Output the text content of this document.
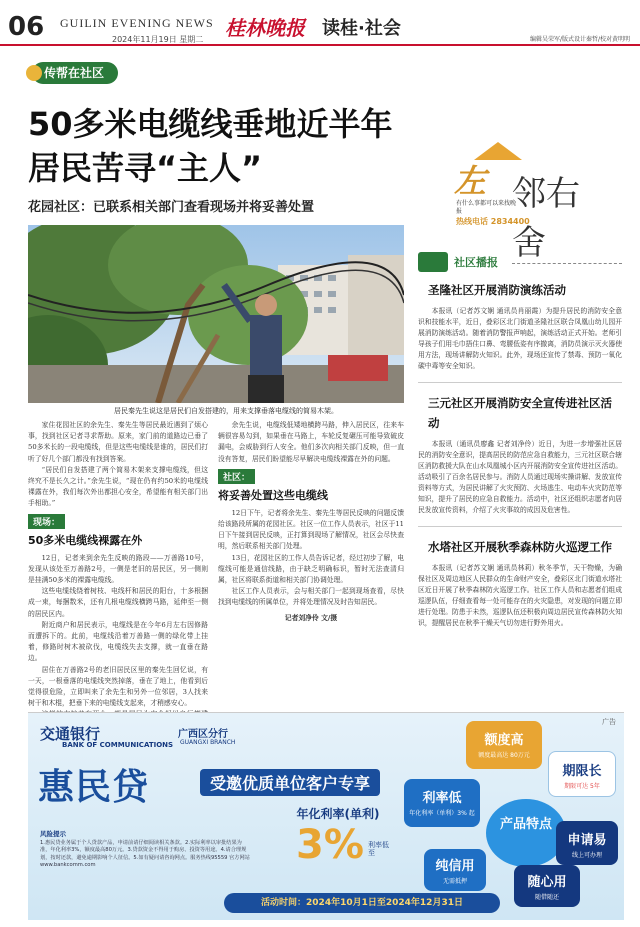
06 GUILIN EVENING NEWS
2024年11月19日 星期二 桂林晚报 读桂·社会
编辑吴荣军/版式设计秦哲/校对黄明明
传帮在社区
50多米电缆线垂地近半年
居民苦寻“主人”
花园社区：已联系相关部门查看现场并将妥善处置
左 邻右舍
有什么事都可以来找晚报
热线电话 2834400
居民秦先生说这是居民们自发搭建的，用来支撑垂落电缆线的简易木架。

家住花园社区的余先生、秦先生等居民最近遇到了烦心事，找到社区记者寻求帮助。原来，家门前的道路边已垂了50多米长的一段电缆线，但是这些电缆线是谁的，居民们打听了好几个部门都没有找到答案。

“居民们自发搭建了两个简易木架来支撑电缆线，但这终究不是长久之计。”余先生说，“现在仍有约50米的电缆线裸露在外，我们每次外出都担心安全，希望能有相关部门出手相助。”

现场：
50多米电缆线裸露在外

12日，记者来到余先生反映的路段——万善路10号，发现从该处至万善路2号，一侧是老旧的居民区，另一侧则是挂满50多米的裸露电缆线。

这些电缆线绕着树枝、电线杆和居民的阳台，十多根捆成一束，每捆数米，还有几根电缆线横跨马路，延伸至一侧的居民区内。

附近商户和居民表示，电缆线是在今年6月左右因修路而遭拆下的。此前，电缆线沿着万善路一侧的绿化带上挂着，修路时树木被砍伐，电缆线失去支撑，就一直垂在路边。

居住在万善路2号的老旧居民区里的秦先生回忆说，有一天，一根垂落的电缆线突然掉落，垂在了地上，他看到后觉得很危险，立即叫来了余先生和另外一位邻居，3人找来树干和木棍，把垂下来的电缆线支起来，才稍感安心。

余先生说，电缆线低矮地横跨马路，伸入居民区，往来车辆很容易勾到，如果垂在马路上，车轮反复碾压可能导致破皮漏电，会威胁到行人安全。他们多次向相关部门反映，但一直没有答复，居民们盼望能尽早解决电缆线裸露在外的问题。

社区：
将妥善处置这些电缆线

12日下午，记者将余先生、秦先生等居民反映的问题反馈给该路段所属的花园社区。社区一位工作人员表示，社区于11日下午接到居民反映，正打算到现场了解情况，社区会尽快查明，然后联系相关部门处理。

13日，花园社区的工作人员告诉记者，经过初步了解，电缆线可能是通信线路，由于缺乏明确标识，暂时无法查清归属，社区将联系街道和相关部门协调处理。

社区工作人员表示，会与相关部门一起到现场查看，尽快找到电缆线的所属单位，并将处理情况及时告知居民。

记者刘净伶 文/摄

社区播报
圣隆社区开展消防演练活动

本报讯（记者苏文娴 通讯员肖丽霞）为提升居民的消防安全意识和技能水平，近日，叠彩区北门街道圣隆社区联合凤凰山幼儿园开展消防演练活动。随着消防警报声响起，演练活动正式开始。老师引导孩子们用毛巾捂住口鼻、弯腰低姿有序撤离，消防员演示灭火器使用方法，现场讲解防火知识。此外，现场还宣传了禁毒、预防一氧化碳中毒等安全知识。

三元社区开展消防安全宣传进社区活动

本报讯（通讯员廖鑫 记者刘净伶）近日，为进一步增强社区居民的消防安全意识，提高居民的防范应急自救能力，三元社区联合辖区消防救援大队在山水凤凰城小区内开展消防安全宣传进社区活动。活动吸引了百余名居民参与。消防人员通过现场实操讲解、发放宣传资料等方式，为居民讲解了火灾预防、火场逃生、电动车火灾防范等知识，提升了居民的应急自救能力。活动中，社区还组织志愿者向居民发放宣传资料，介绍了火灾事故的成因及危害性。

水塔社区开展秋季森林防火巡逻工作

本报讯（记者苏文娴 通讯员林莉）秋冬季节，天干物燥，为确保社区及周边地区人民群众的生命财产安全，叠彩区北门街道水塔社区近日开展了秋季森林防火巡逻工作。社区工作人员和志愿者们组成巡逻队伍，仔细查看每一处可能存在的火灾隐患，对发现的问题立即进行处理。防患于未然，巡逻队伍还积极向周边居民宣传森林防火知识，提醒居民在秋季干燥天气切勿进行野外用火。

交通银行
BANK OF COMMUNICATIONS
广西区分行
GUANGXI BRANCH
广告
惠民贷	受邀优质单位客户专享
年化利率(单利)
3% 利率低至
风险提示
1.惠民贷业务属于个人贷款产品，申请前请仔细阅读相关条款。2.实际利率以审批结果为准，年化利率3%，额度最高80万元。3.贷款资金不得用于购房、投资等用途。4.请合理规划，按时还款，避免逾期影响个人征信。5.如有疑问请咨询网点。服务热线95559 官方网站www.bankcomm.com
额度高
额度最高达 80万元
期限长
期限可达 5年
利率低
年化利率（单利）3% 起
产品特点
申请易
线上可办理
纯信用
无需抵押	随心用
随借随还
活动时间：2024年10月1日至2024年12月31日
